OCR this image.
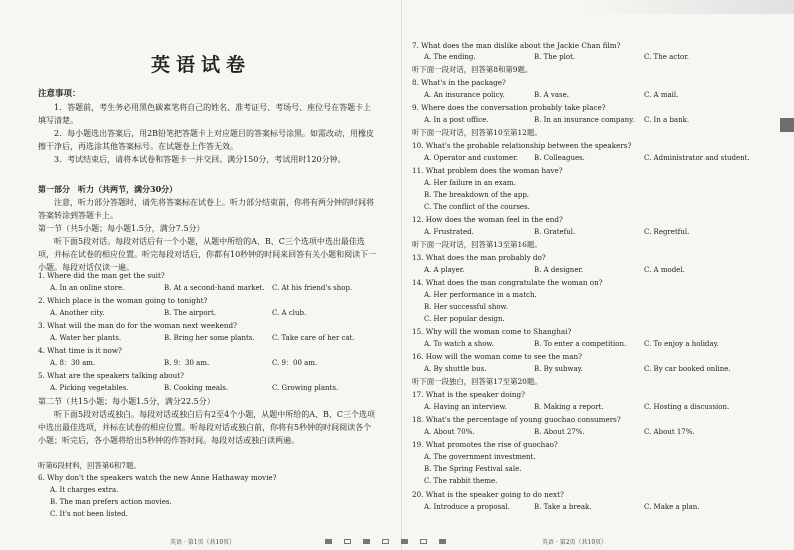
英语试卷
注意事项：
1．答题前，考生务必用黑色碳素笔将自己的姓名、准考证号、考场号、座位号在答题卡上填写清楚。
2．每小题选出答案后，用2B铅笔把答题卡上对应题目的答案标号涂黑。如需改动，用橡皮擦干净后，再选涂其他答案标号。在试题卷上作答无效。
3．考试结束后，请将本试卷和答题卡一并交回。满分150分，考试用时120分钟。
第一部分　听力（共两节，满分30分）
注意，听力部分答题时，请先将答案标在试卷上。听力部分结束前，你将有两分钟的时间将答案转涂到答题卡上。
第一节（共5小题；每小题1.5分，满分7.5分）
听下面5段对话。每段对话后有一个小题，从题中所给的A、B、C三个选项中选出最佳选项，并标在试卷的相应位置。听完每段对话后，你都有10秒钟的时间来回答有关小题和阅读下一小题。每段对话仅读一遍。
1. Where did the man get the suit?
A. In an online store.	B. At a second-hand market. C. At his friend's shop.
2. Which place is the woman going to tonight?
A. Another city.	B. The airport.	C. A club.
3. What will the man do for the woman next weekend?
A. Water her plants.	B. Bring her some plants. C. Take care of her cat.
4. What time is it now?
A. 8：30 am.	B. 9：30 am.	C. 9：00 am.
5. What are the speakers talking about?
A. Picking vegetables.	B. Cooking meals.	C. Growing plants.
第二节（共15小题；每小题1.5分，满分22.5分）
听下面5段对话或独白。每段对话或独白后有2至4个小题，从题中所给的A、B、C三个选项中选出最佳选项，并标在试卷的相应位置。听每段对话或独白前，你将有5秒钟的时间阅读各个小题；听完后，各小题将给出5秒钟的作答时间。每段对话或独白读两遍。
听第6段材料，回答第6和7题。
6. Why don't the speakers watch the new Anne Hathaway movie?
A. It charges extra.
B. The man prefers action movies.
C. It's not been listed.
英语 · 第1页（共10页）
7. What does the man dislike about the Jackie Chan film?
A. The ending.	B. The plot.	C. The actor.
听下面一段对话，回答第8和第9题。
8. What's in the package?
A. An insurance policy.	B. A vase.	C. A mail.
9. Where does the conversation probably take place?
A. In a post office.	B. In an insurance company. C. In a bank.
听下面一段对话，回答第10至第12题。
10. What's the probable relationship between the speakers?
A. Operator and customer. B. Colleagues.	C. Administrator and student.
11. What problem does the woman have?
A. Her failure in an exam.
B. The breakdown of the app.
C. The conflict of the courses.
12. How does the woman feel in the end?
A. Frustrated.	B. Grateful.	C. Regretful.
听下面一段对话，回答第13至第16题。
13. What does the man probably do?
A. A player.	B. A designer.	C. A model.
14. What does the man congratulate the woman on?
A. Her performance in a match.
B. Her successful show.
C. Her popular design.
15. Why will the woman come to Shanghai?
A. To watch a show.	B. To enter a competition.	C. To enjoy a holiday.
16. How will the woman come to see the man?
A. By shuttle bus.	B. By subway.	C. By car booked online.
听下面一段独白，回答第17至第20题。
17. What is the speaker doing?
A. Having an interview.	B. Making a report.	C. Hosting a discussion.
18. What's the percentage of young guochao consumers?
A. About 70%.	B. About 27%.	C. About 17%.
19. What promotes the rise of guochao?
A. The government investment.
B. The Spring Festival sale.
C. The rabbit theme.
20. What is the speaker going to do next?
A. Introduce a proposal.	B. Take a break.	C. Make a plan.
英语 · 第2页（共10页）
